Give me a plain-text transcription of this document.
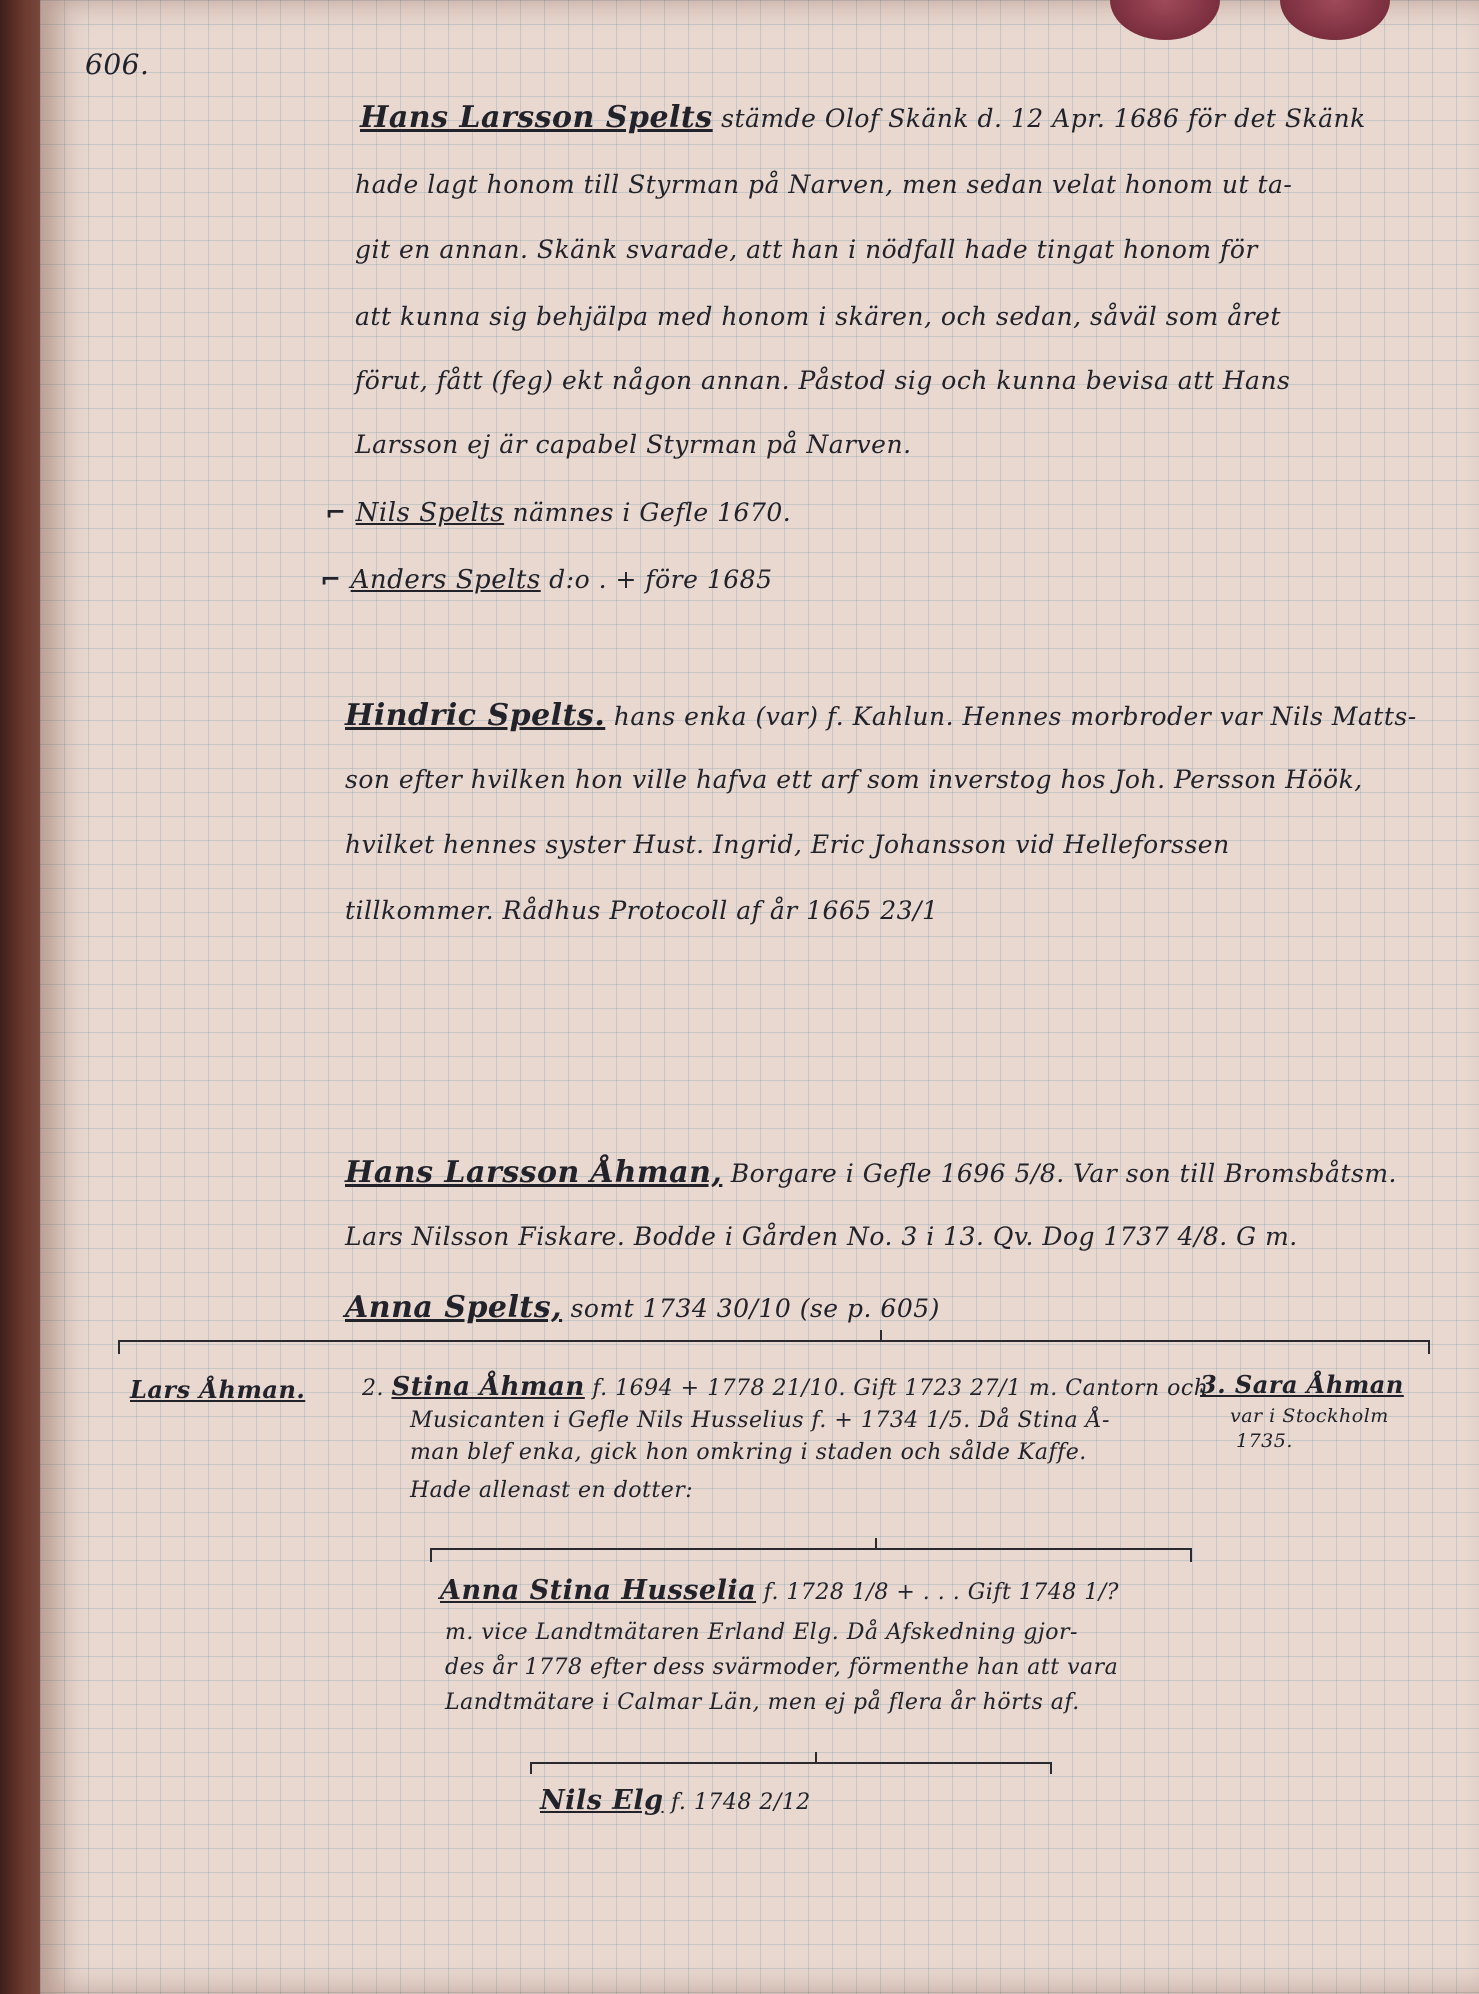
606.
Hans Larsson Spelts stämde Olof Skänk d. 12 Apr. 1686 för det Skänk
hade lagt honom till Styrman på Narven, men sedan velat honom ut ta-
git en annan. Skänk svarade, att han i nödfall hade tingat honom för
att kunna sig behjälpa med honom i skären, och sedan, såväl som året
förut, fått (feg) ekt någon annan. Påstod sig och kunna bevisa att Hans
Larsson ej är capabel Styrman på Narven.
⌐ Nils Spelts nämnes i Gefle 1670.
⌐ Anders Spelts d:o . + före 1685
Hindric Spelts. hans enka (var) f. Kahlun. Hennes morbroder var Nils Matts-
son efter hvilken hon ville hafva ett arf som inverstog hos Joh. Persson Höök,
hvilket hennes syster Hust. Ingrid, Eric Johansson vid Helleforssen
tillkommer. Rådhus Protocoll af år 1665 23/1
Hans Larsson Åhman, Borgare i Gefle 1696 5/8. Var son till Bromsbåtsm.
Lars Nilsson Fiskare. Bodde i Gården No. 3 i 13. Qv. Dog 1737 4/8. G m.
Anna Spelts, somt 1734 30/10 (se p. 605)
Lars Åhman.	2. Stina Åhman f. 1694 + 1778 21/10. Gift 1723 27/1 m. Cantorn och
Musicanten i Gefle Nils Husselius f. + 1734 1/5. Då Stina Å-
man blef enka, gick hon omkring i staden och sålde Kaffe.
Hade allenast en dotter:
3. Sara Åhman
var i Stockholm
1735.
Anna Stina Husselia f. 1728 1/8 + . . . Gift 1748 1/?
m. vice Landtmätaren Erland Elg. Då Afskedning gjor-
des år 1778 efter dess svärmoder, förmenthe han att vara
Landtmätare i Calmar Län, men ej på flera år hörts af.
Nils Elg f. 1748 2/12
